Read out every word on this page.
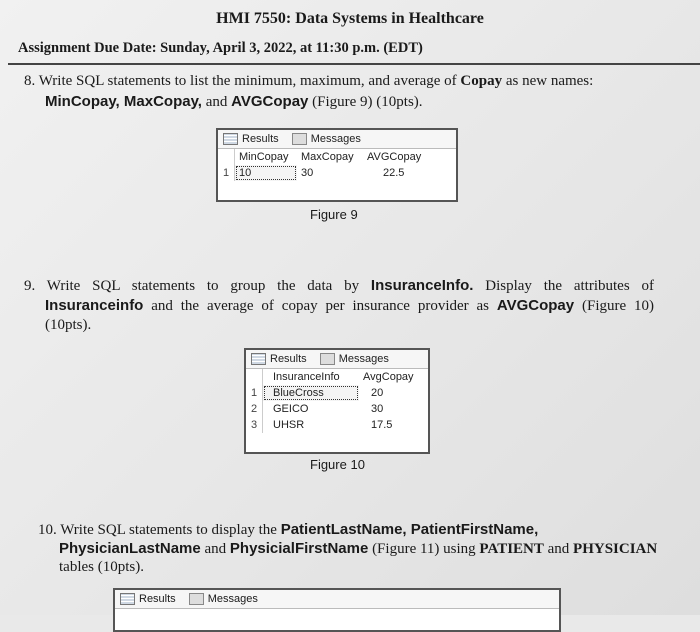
HMI 7550: Data Systems in Healthcare
Assignment Due Date: Sunday, April 3, 2022, at 11:30 p.m. (EDT)
8. Write SQL statements to list the minimum, maximum, and average of Copay as new names:
MinCopay, MaxCopay, and AVGCopay (Figure 9) (10pts).
Results	Messages
MinCopay	MaxCopay	AVGCopay
1 10	30	22.5
Figure 9
9. Write SQL statements to group the data by InsuranceInfo. Display the attributes of
Insuranceinfo and the average of copay per insurance provider as AVGCopay (Figure 10)
(10pts).
Results	Messages
InsuranceInfo	AvgCopay
1	BlueCross	20
2	GEICO	30
3	UHSR	17.5
Figure 10
10. Write SQL statements to display the PatientLastName, PatientFirstName,
PhysicianLastName and PhysicialFirstName (Figure 11) using PATIENT and PHYSICIAN
tables (10pts).
Results	Messages
